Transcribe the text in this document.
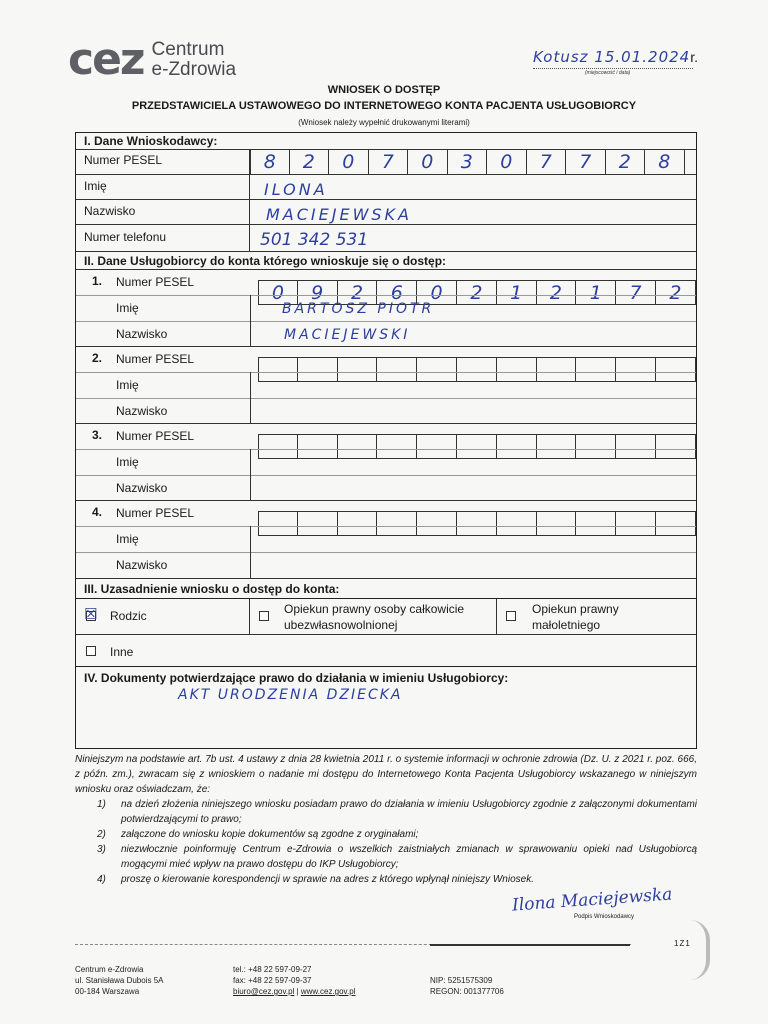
cez Centrum
e-Zdrowia
Kotusz 15.01.2024r.
(miejscowość i data)
WNIOSEK O DOSTĘP
PRZEDSTAWICIELA USTAWOWEGO DO INTERNETOWEGO KONTA PACJENTA USŁUGOBIORCY
(Wniosek należy wypełnić drukowanymi literami)
I. Dane Wnioskodawcy:
Numer PESEL	8	2	0	7	0	3	0	7	7	2	8
Imię	ILONA
Nazwisko	MACIEJEWSKA
Numer telefonu	501 342 531
II. Dane Usługobiorcy do konta którego wnioskuje się o dostęp:
1. Numer PESEL	0	9	2	6	0	2	1	2	1	7	2
Imię	BARTOSZ PIOTR
Nazwisko	MACIEJEWSKI
2. Numer PESEL
Imię
Nazwisko
3. Numer PESEL
Imię
Nazwisko
4. Numer PESEL
Imię
Nazwisko
III. Uzasadnienie wniosku o dostęp do konta:
☒ Rodzic	Opiekun prawny osoby całkowicie
ubezwłasnowolnionej
Opiekun prawny
małoletniego
Inne
IV. Dokumenty potwierdzające prawo do działania w imieniu Usługobiorcy:
AKT URODZENIA DZIECKA
Niniejszym na podstawie art. 7b ust. 4 ustawy z dnia 28 kwietnia 2011 r. o systemie informacji w ochronie zdrowia (Dz. U. z 2021 r. poz. 666, z późn. zm.), zwracam się z wnioskiem o nadanie mi dostępu do Internetowego Konta Pacjenta Usługobiorcy wskazanego w niniejszym wniosku oraz oświadczam, że:
1) na dzień złożenia niniejszego wniosku posiadam prawo do działania w imieniu Usługobiorcy zgodnie z załączonymi dokumentami potwierdzającymi to prawo;
2) załączone do wniosku kopie dokumentów są zgodne z oryginałami;
3) niezwłocznie poinformuję Centrum e-Zdrowia o wszelkich zaistniałych zmianach w sprawowaniu opieki nad Usługobiorcą mogącymi mieć wpływ na prawo dostępu do IKP Usługobiorcy;
4) proszę o kierowanie korespondencji w sprawie na adres z którego wpłynął niniejszy Wniosek.
Ilona Maciejewska
Podpis Wnioskodawcy
1Z1
Centrum e-Zdrowia
ul. Stanisława Dubois 5A
00-184 Warszawa
tel.: +48 22 597-09-27
fax: +48 22 597-09-37
biuro@cez.gov.pl | www.cez.gov.pl
NIP: 5251575309
REGON: 001377706
